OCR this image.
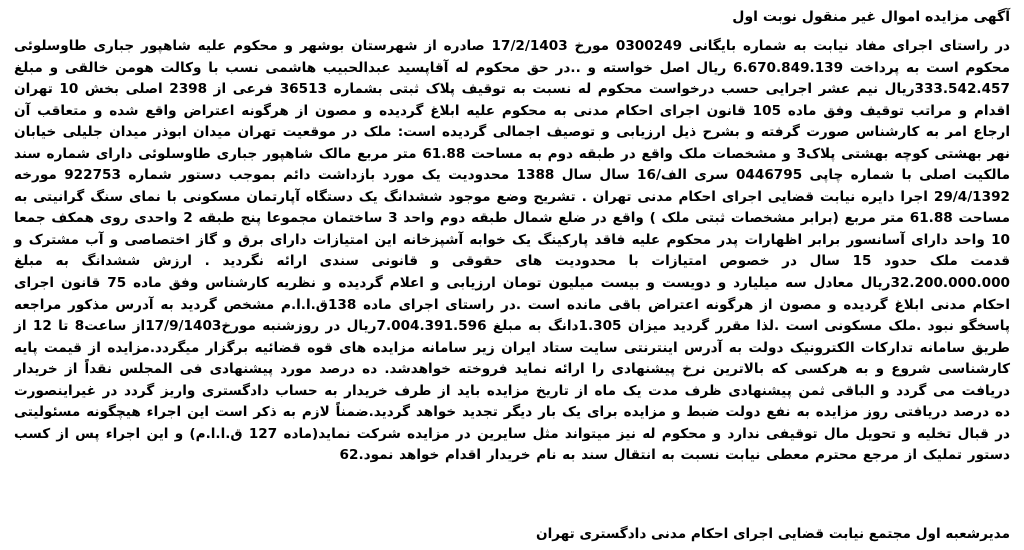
آگهی مزایده اموال غیر منقول نوبت اول

در راستای اجرای مفاد نیابت به شماره بایگانی 0300249 مورخ 17/2/1403 صادره از شهرستان بوشهر و محکوم علیه شاهپور جباری طاوسلوئی محکوم است به پرداخت 6.670.849.139 ریال اصل خواسته و ..در حق محکوم له آقاپسید عبدالحبیب هاشمی نسب با وکالت هومن خالقی و مبلغ 333.542.457ریال نیم عشر اجرایی حسب درخواست محکوم له نسبت به توقیف پلاک ثبتی بشماره 36513 فرعی از 2398 اصلی بخش 10 تهران اقدام و مراتب توقیف وفق ماده 105 قانون اجرای احکام مدنی به محکوم علیه ابلاغ گردیده و مصون از هرگونه اعتراض واقع شده و متعاقب آن ارجاع امر به کارشناس صورت گرفته و بشرح ذیل ارزیابی و توصیف اجمالی گردیده است: ملک در موقعیت تهران میدان ابوذر میدان جلیلی خیابان نهر بهشتی کوچه بهشتی پلاک3 و مشخصات ملک واقع در طبقه دوم به مساحت 61.88 متر مربع مالک شاهپور جباری طاوسلوئی دارای شماره سند مالکیت اصلی با شماره چاپی 0446795 سری الف/16 سال سال 1388 محدودیت یک مورد بازداشت دائم بموجب دستور شماره 922753 مورخه 29/4/1392 اجرا دایره نیابت قضایی اجرای احکام مدنی تهران . تشریح وضع موجود ششدانگ یک دستگاه آپارتمان مسکونی با نمای سنگ گرانیتی به مساحت 61.88 متر مربع (برابر مشخصات ثبتی ملک ) واقع در ضلع شمال طبقه دوم واحد 3 ساختمان مجموعا پنج طبقه 2 واحدی روی همکف جمعا 10 واحد دارای آسانسور برابر اظهارات پدر محکوم علیه فاقد پارکینگ یک خوابه آشپزخانه این امتیازات دارای برق و گاز اختصاصی و آب مشترک و قدمت ملک حدود 15 سال در خصوص امتیازات با محدودیت های حقوقی و قانونی سندی ارائه نگردید . ارزش ششدانگ به مبلغ 32.200.000.000ریال معادل سه میلیارد و دویست و بیست میلیون تومان ارزیابی و اعلام گردیده و نظریه کارشناس وفق ماده 75 قانون اجرای احکام مدنی ابلاغ گردیده و مصون از هرگونه اعتراض باقی مانده است .در راستای اجرای ماده 138ق.ا.ا.م مشخص گردید به آدرس مذکور مراجعه پاسخگو نبود .ملک مسکونی است .لذا مقرر گردید میزان 1.305دانگ به مبلغ 7.004.391.596ریال در روزشنبه مورخ17/9/1403از ساعت8 تا 12 از طریق سامانه تدارکات الکترونیک دولت به آدرس اینترنتی سایت ستاد ایران زیر سامانه مزایده های قوه قضائیه برگزار میگردد.مزایده از قیمت پایه کارشناسی شروع و به هرکسی که بالاترین نرخ پیشنهادی را ارائه نماید فروخته خواهدشد. ده درصد مورد پیشنهادی فی المجلس نقداً از خریدار دریافت می گردد و الباقی ثمن پیشنهادی ظرف مدت یک ماه از تاریخ مزایده باید از طرف خریدار به حساب دادگستری واریز گردد در غیراینصورت ده درصد دریافتی روز مزایده به نفع دولت ضبط و مزایده برای یک بار دیگر تجدید خواهد گردید.ضمناً لازم به ذکر است این اجراء هیچگونه مسئولیتی در قبال تخلیه و تحویل مال توقیفی ندارد و محکوم له نیز میتواند مثل سایرین در مزایده شرکت نماید(ماده 127 ق.ا.ا.م) و این اجراء پس از کسب دستور تملیک از مرجع محترم معطی نیابت نسبت به انتقال سند به نام خریدار اقدام خواهد نمود.62

مدیرشعبه اول مجتمع نیابت قضایی اجرای احکام مدنی دادگستری تهران
